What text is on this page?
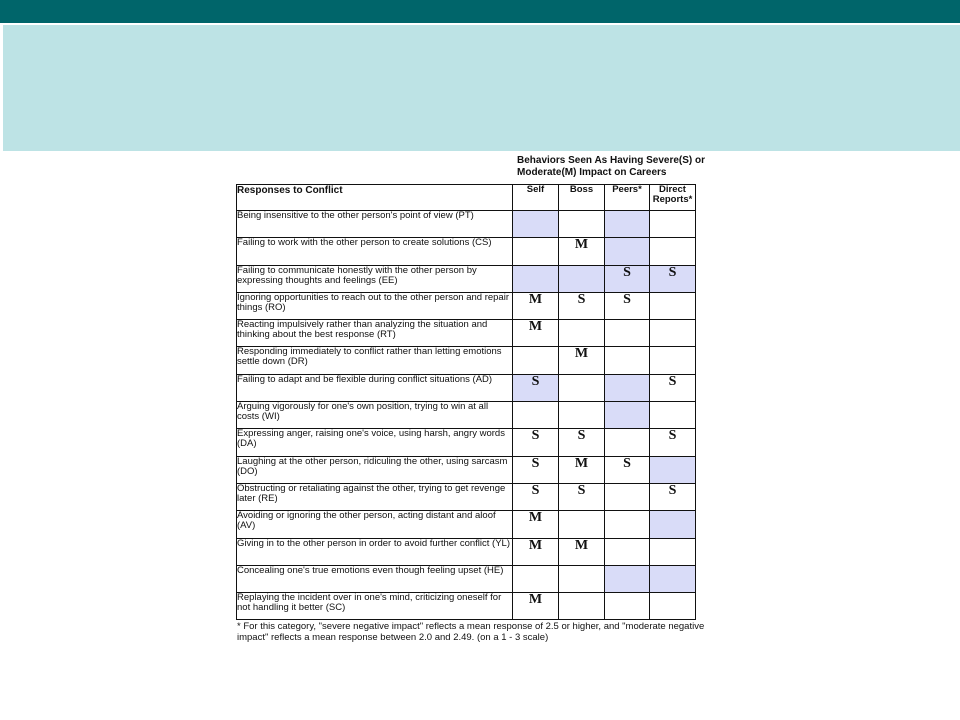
Behaviors Seen As Having Severe(S) or Moderate(M) Impact on Careers
Responses to Conflict	Self	Boss	Peers*	Direct Reports*
Being insensitive to the other person's point of view (PT)				
Failing to work with the other person to create solutions (CS)		M		
Failing to communicate honestly with the other person by expressing thoughts and feelings (EE)			S	S
Ignoring opportunities to reach out to the other person and repair things (RO)	M	S	S	
Reacting impulsively rather than analyzing the situation and thinking about the best response (RT)	M			
Responding immediately to conflict rather than letting emotions settle down (DR)		M		
Failing to adapt and be flexible during conflict situations (AD)	S			S
Arguing vigorously for one's own position, trying to win at all costs (WI)				
Expressing anger, raising one's voice, using harsh, angry words (DA)	S	S		S
Laughing at the other person, ridiculing the other, using sarcasm (DO)	S	M	S	
Obstructing or retaliating against the other, trying to get revenge later (RE)	S	S		S
Avoiding or ignoring the other person, acting distant and aloof (AV)	M			
Giving in to the other person in order to avoid further conflict (YL)	M	M		
Concealing one's true emotions even though feeling upset (HE)				
Replaying the incident over in one's mind, criticizing oneself for not handling it better (SC)	M			
* For this category, "severe negative impact" reflects a mean response of 2.5 or higher, and "moderate negative impact" reflects a mean response between 2.0 and 2.49. (on a 1 - 3 scale)
